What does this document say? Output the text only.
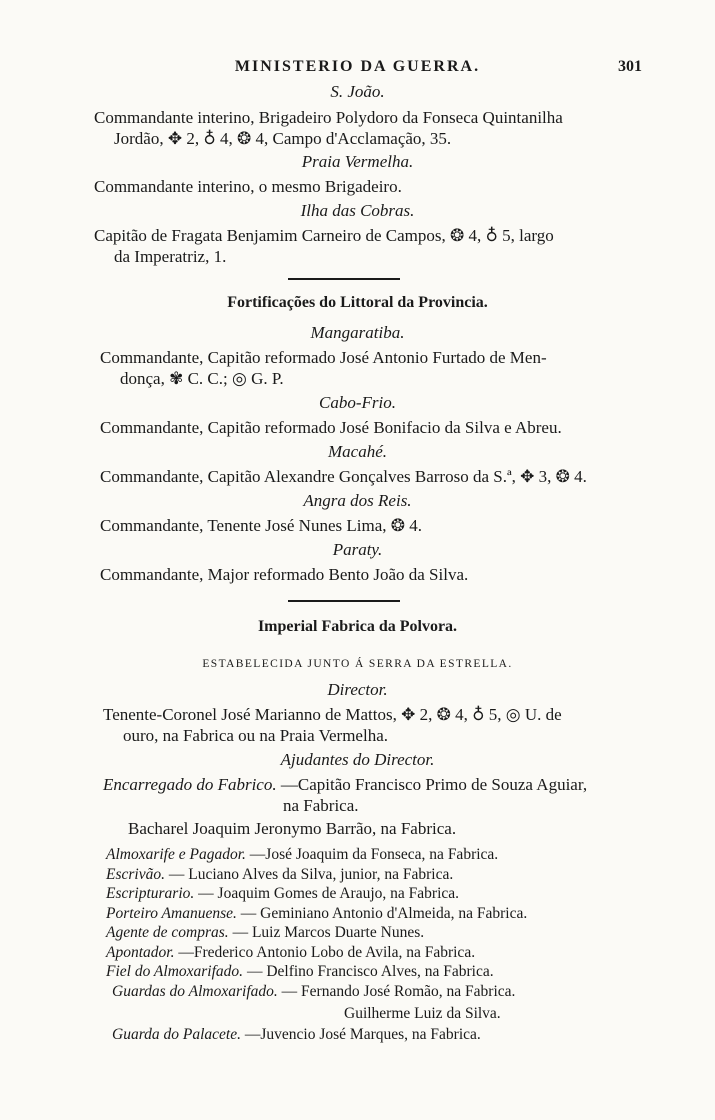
MINISTERIO DA GUERRA.	301
S. João.
Commandante interino, Brigadeiro Polydoro da Fonseca Quintanilha
Jordão, ✥ 2, ♁ 4, ❂ 4, Campo d'Acclamação, 35.
Praia Vermelha.
Commandante interino, o mesmo Brigadeiro.
Ilha das Cobras.
Capitão de Fragata Benjamim Carneiro de Campos, ❂ 4, ♁ 5, largo
da Imperatriz, 1.
Fortificações do Littoral da Provincia.
Mangaratiba.
Commandante, Capitão reformado José Antonio Furtado de Men-
donça, ✾ C. C.; ◎ G. P.
Cabo-Frio.
Commandante, Capitão reformado José Bonifacio da Silva e Abreu.
Macahé.
Commandante, Capitão Alexandre Gonçalves Barroso da S.ª, ✥ 3, ❂ 4.
Angra dos Reis.
Commandante, Tenente José Nunes Lima, ❂ 4.
Paraty.
Commandante, Major reformado Bento João da Silva.
Imperial Fabrica da Polvora.
ESTABELECIDA JUNTO Á SERRA DA ESTRELLA.
Director.
Tenente-Coronel José Marianno de Mattos, ✥ 2, ❂ 4, ♁ 5, ◎ U. de
ouro, na Fabrica ou na Praia Vermelha.
Ajudantes do Director.
Encarregado do Fabrico. —Capitão Francisco Primo de Souza Aguiar,
na Fabrica.
Bacharel Joaquim Jeronymo Barrão, na Fabrica.
Almoxarife e Pagador. —José Joaquim da Fonseca, na Fabrica.
Escrivão. — Luciano Alves da Silva, junior, na Fabrica.
Escripturario. — Joaquim Gomes de Araujo, na Fabrica.
Porteiro Amanuense. — Geminiano Antonio d'Almeida, na Fabrica.
Agente de compras. — Luiz Marcos Duarte Nunes.
Apontador. —Frederico Antonio Lobo de Avila, na Fabrica.
Fiel do Almoxarifado. — Delfino Francisco Alves, na Fabrica.
Guardas do Almoxarifado. — Fernando José Romão, na Fabrica.
Guilherme Luiz da Silva.
Guarda do Palacete. —Juvencio José Marques, na Fabrica.
